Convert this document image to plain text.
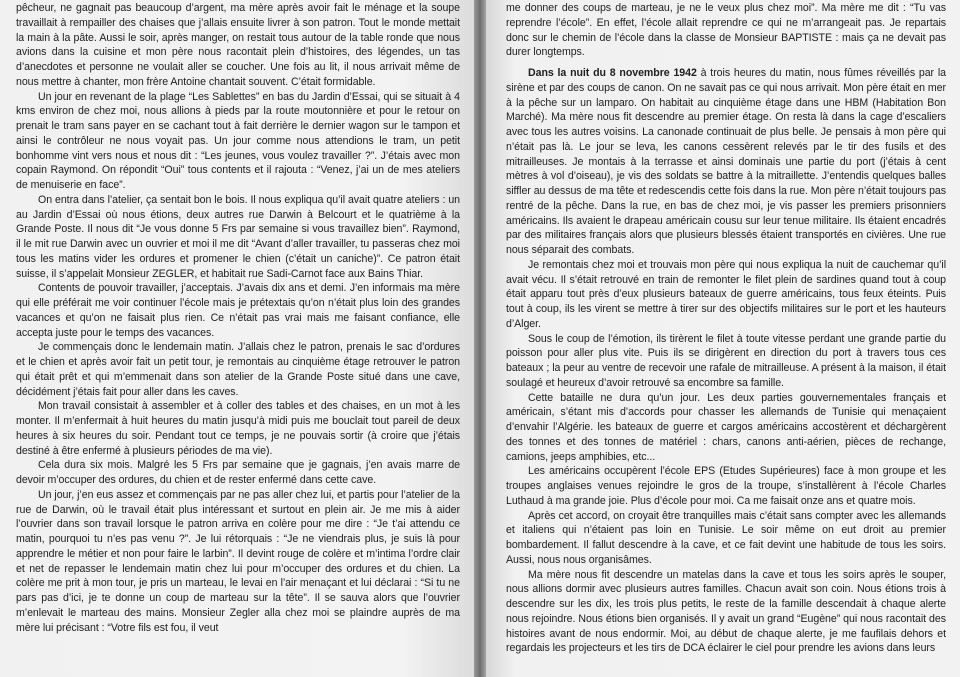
pêcheur, ne gagnait pas beaucoup d’argent, ma mère après avoir fait le ménage et la soupe travaillait à rempailler des chaises que j’allais ensuite livrer à son patron. Tout le monde mettait la main à la pâte. Aussi le soir, après manger, on restait tous autour de la table ronde que nous avions dans la cuisine et mon père nous racontait plein d’histoires, des légendes, un tas d’anecdotes et personne ne voulait aller se coucher. Une fois au lit, il nous arrivait même de nous mettre à chanter, mon frère Antoine chantait souvent. C’était formidable.

Un jour en revenant de la plage “Les Sablettes” en bas du Jardin d’Essai, qui se situait à 4 kms environ de chez moi, nous allions à pieds par la route moutonnière et pour le retour on prenait le tram sans payer en se cachant tout à fait derrière le dernier wagon sur le tampon et ainsi le contrôleur ne nous voyait pas. Un jour comme nous attendions le tram, un petit bonhomme vint vers nous et nous dit : “Les jeunes, vous voulez travailler ?”. J’étais avec mon copain Raymond. On répondit “Oui” tous contents et il rajouta : “Venez, j’ai un de mes ateliers de menuiserie en face”.

On entra dans l’atelier, ça sentait bon le bois. Il nous expliqua qu’il avait quatre ateliers : un au Jardin d’Essai où nous étions, deux autres rue Darwin à Belcourt et le quatrième à la Grande Poste. Il nous dit “Je vous donne 5 Frs par semaine si vous travaillez bien”. Raymond, il le mit rue Darwin avec un ouvrier et moi il me dit “Avant d’aller travailler, tu passeras chez moi tous les matins vider les ordures et promener le chien (c’était un caniche)”. Ce patron était suisse, il s’appelait Monsieur ZEGLER, et habitait rue Sadi-Carnot face aux Bains Thiar.

Contents de pouvoir travailler, j’acceptais. J’avais dix ans et demi. J’en informais ma mère qui elle préférait me voir continuer l’école mais je prétextais qu’on n’était plus loin des grandes vacances et qu’on ne faisait plus rien. Ce n’était pas vrai mais me faisant confiance, elle accepta juste pour le temps des vacances.

Je commençais donc le lendemain matin. J’allais chez le patron, prenais le sac d’ordures et le chien et après avoir fait un petit tour, je remontais au cinquième étage retrouver le patron qui était prêt et qui m’emmenait dans son atelier de la Grande Poste situé dans une cave, décidément j’étais fait pour aller dans les caves.

Mon travail consistait à assembler et à coller des tables et des chaises, en un mot à les monter. Il m’enfermait à huit heures du matin jusqu’à midi puis me bouclait tout pareil de deux heures à six heures du soir. Pendant tout ce temps, je ne pouvais sortir (à croire que j’étais destiné à être enfermé à plusieurs périodes de ma vie).

Cela dura six mois. Malgré les 5 Frs par semaine que je gagnais, j’en avais marre de devoir m’occuper des ordures, du chien et de rester enfermé dans cette cave.

Un jour, j’en eus assez et commençais par ne pas aller chez lui, et partis pour l’atelier de la rue de Darwin, où le travail était plus intéressant et surtout en plein air. Je me mis à aider l’ouvrier dans son travail lorsque le patron arriva en colère pour me dire : “Je t’ai attendu ce matin, pourquoi tu n’es pas venu ?”. Je lui rétorquais : “Je ne viendrais plus, je suis là pour apprendre le métier et non pour faire le larbin”. Il devint rouge de colère et m’intima l’ordre clair et net de repasser le lendemain matin chez lui pour m’occuper des ordures et du chien. La colère me prit à mon tour, je pris un marteau, le levai en l’air menaçant et lui déclarai : “Si tu ne pars pas d’ici, je te donne un coup de marteau sur la tête”. Il se sauva alors que l’ouvrier m’enlevait le marteau des mains. Monsieur Zegler alla chez moi se plaindre auprès de ma mère lui précisant : “Votre fils est fou, il veut

me donner des coups de marteau, je ne le veux plus chez moi”. Ma mère me dit : “Tu vas reprendre l’école”. En effet, l’école allait reprendre ce qui ne m’arrangeait pas. Je repartais donc sur le chemin de l’école dans la classe de Monsieur BAPTISTE : mais ça ne devait pas durer longtemps.

Dans la nuit du 8 novembre 1942 à trois heures du matin, nous fûmes réveillés par la sirène et par des coups de canon. On ne savait pas ce qui nous arrivait. Mon père était en mer à la pêche sur un lamparo. On habitait au cinquième étage dans une HBM (Habitation Bon Marché). Ma mère nous fit descendre au premier étage. On resta là dans la cage d’escaliers avec tous les autres voisins. La canonade continuait de plus belle. Je pensais à mon père qui n’était pas là. Le jour se leva, les canons cessèrent relevés par le tir des fusils et des mitrailleuses. Je montais à la terrasse et ainsi dominais une partie du port (j’étais à cent mètres à vol d’oiseau), je vis des soldats se battre à la mitraillette. J’entendis quelques balles siffler au dessus de ma tête et redescendis cette fois dans la rue. Mon père n’était toujours pas rentré de la pêche. Dans la rue, en bas de chez moi, je vis passer les premiers prisonniers américains. Ils avaient le drapeau américain cousu sur leur tenue militaire. Ils étaient encadrés par des militaires français alors que plusieurs blessés étaient transportés en civières. Une rue nous séparait des combats.

Je remontais chez moi et trouvais mon père qui nous expliqua la nuit de cauchemar qu’il avait vécu. Il s’était retrouvé en train de remonter le filet plein de sardines quand tout à coup était apparu tout près d’eux plusieurs bateaux de guerre américains, tous feux éteints. Puis tout à coup, ils les virent se mettre à tirer sur des objectifs militaires sur le port et les hauteurs d’Alger.

Sous le coup de l’émotion, ils tirèrent le filet à toute vitesse perdant une grande partie du poisson pour aller plus vite. Puis ils se dirigèrent en direction du port à travers tous ces bateaux ; la peur au ventre de recevoir une rafale de mitrailleuse. A présent à la maison, il était soulagé et heureux d’avoir retrouvé sa encombre sa famille.

Cette bataille ne dura qu’un jour. Les deux parties gouvernementales français et américain, s’étant mis d’accords pour chasser les allemands de Tunisie qui menaçaient d’envahir l’Algérie. les bateaux de guerre et cargos américains accostèrent et déchargèrent des tonnes et des tonnes de matériel : chars, canons anti-aérien, pièces de rechange, camions, jeeps amphibies, etc...

Les américains occupèrent l’école EPS (Etudes Supérieures) face à mon groupe et les troupes anglaises venues rejoindre le gros de la troupe, s’installèrent à l’école Charles Luthaud à ma grande joie. Plus d’école pour moi. Ca me faisait onze ans et quatre mois.

Après cet accord, on croyait être tranquilles mais c’était sans compter avec les allemands et italiens qui n’étaient pas loin en Tunisie. Le soir même on eut droit au premier bombardement. Il fallut descendre à la cave, et ce fait devint une habitude de tous les soirs. Aussi, nous nous organisâmes.

Ma mère nous fit descendre un matelas dans la cave et tous les soirs après le souper, nous allions dormir avec plusieurs autres familles. Chacun avait son coin. Nous étions trois à descendre sur les dix, les trois plus petits, le reste de la famille descendait à chaque alerte nous rejoindre. Nous étions bien organisés. Il y avait un grand “Eugène” qui nous racontait des histoires avant de nous endormir. Moi, au début de chaque alerte, je me faufilais dehors et regardais les projecteurs et les tirs de DCA éclairer le ciel pour prendre les avions dans leurs
